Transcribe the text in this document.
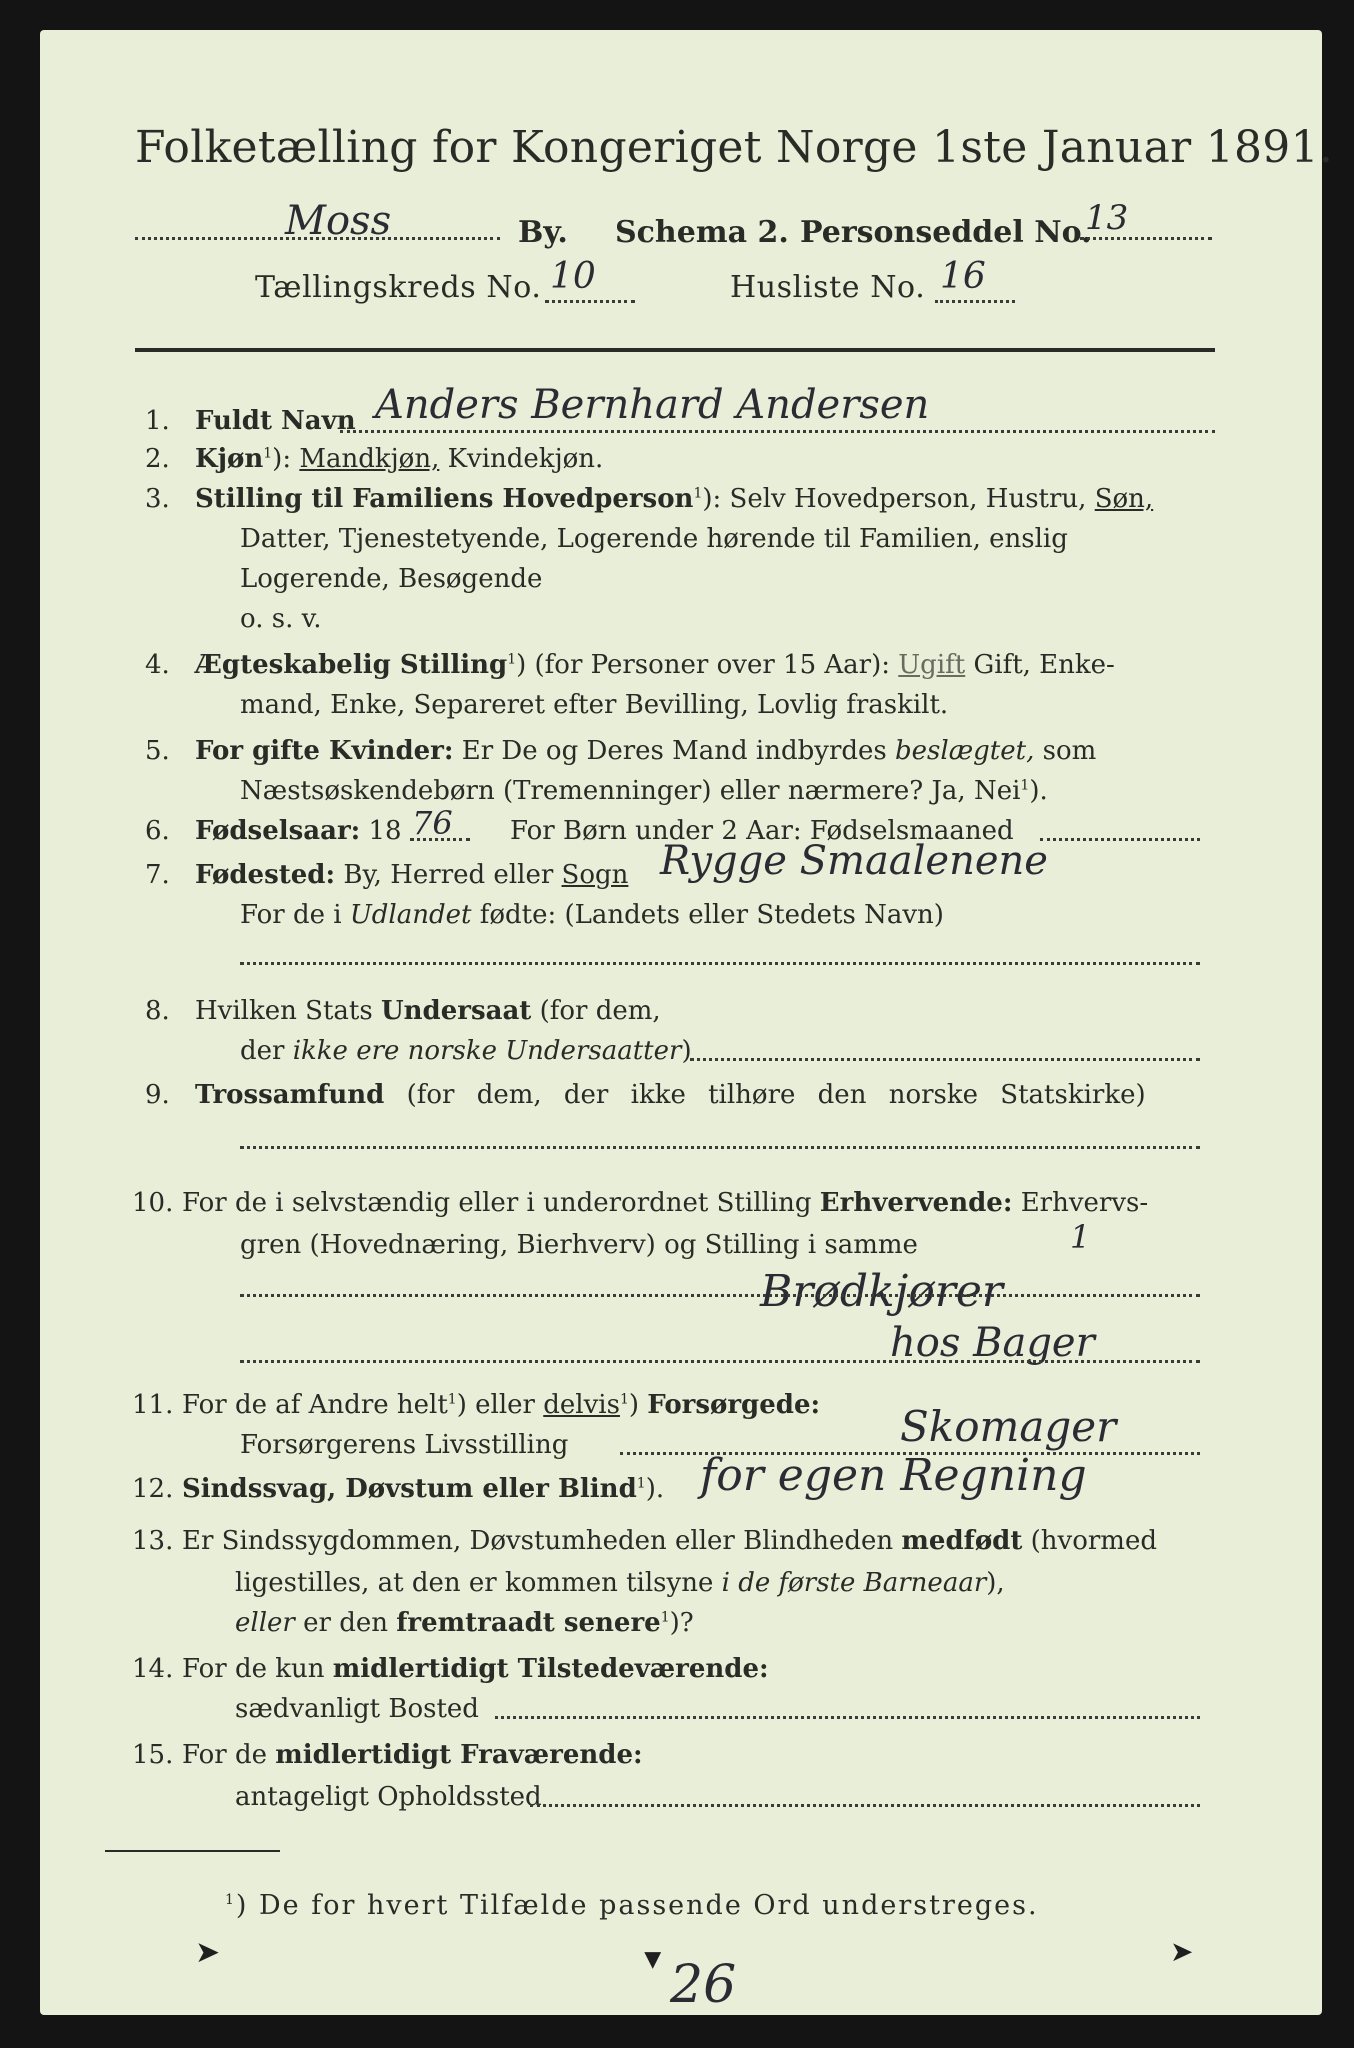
Folketælling for Kongeriget Norge 1ste Januar 1891.
Moss	By. Schema 2. Personseddel No.
13
Tællingskreds No. 10	Husliste No. 16
1. Fuldt Navn Anders Bernhard Andersen
2. Kjøn$^1$): Mandkjøn, Kvindekjøn.
3. Stilling til Familiens Hovedperson$^1$): Selv Hovedperson, Hustru, Søn,
Datter, Tjenestetyende, Logerende hørende til Familien, enslig
Logerende, Besøgende
o. s. v.
4. Ægteskabelig Stilling$^1$) (for Personer over 15 Aar): Ugift Gift, Enke-
mand, Enke, Separeret efter Bevilling, Lovlig fraskilt.
5. For gifte Kvinder: Er De og Deres Mand indbyrdes beslægtet, som
Næstsøskendebørn (Tremenninger) eller nærmere? Ja, Nei$^1$).
6. Fødselsaar: 18 76 For Børn under 2 Aar: Fødselsmaaned
7. Fødested: By, Herred eller Sogn Rygge Smaalenene
For de i Udlandet fødte: (Landets eller Stedets Navn)
8. Hvilken Stats Undersaat (for dem,
der ikke ere norske Undersaatter)
9. Trossamfund (for dem, der ikke tilhøre den norske Statskirke)
10. For de i selvstændig eller i underordnet Stilling Erhvervende: Erhvervs-
gren (Hovednæring, Bierhverv) og Stilling i samme	1
Brødkjører
hos Bager
11. For de af Andre helt$^1$) eller delvis$^1$) Forsørgede:
Forsørgerens Livsstilling	Skomager
12. Sindssvag, Døvstum eller Blind$^1$). for egen Regning
13. Er Sindssygdommen, Døvstumheden eller Blindheden medfødt (hvormed
ligestilles, at den er kommen tilsyne i de første Barneaar),
eller er den fremtraadt senere$^1$)?
14. For de kun midlertidigt Tilstedeværende:
sædvanligt Bosted
15. For de midlertidigt Fraværende:
antageligt Opholdssted
$^1$) De for hvert Tilfælde passende Ord understreges.
➤	▶ 26
➤
